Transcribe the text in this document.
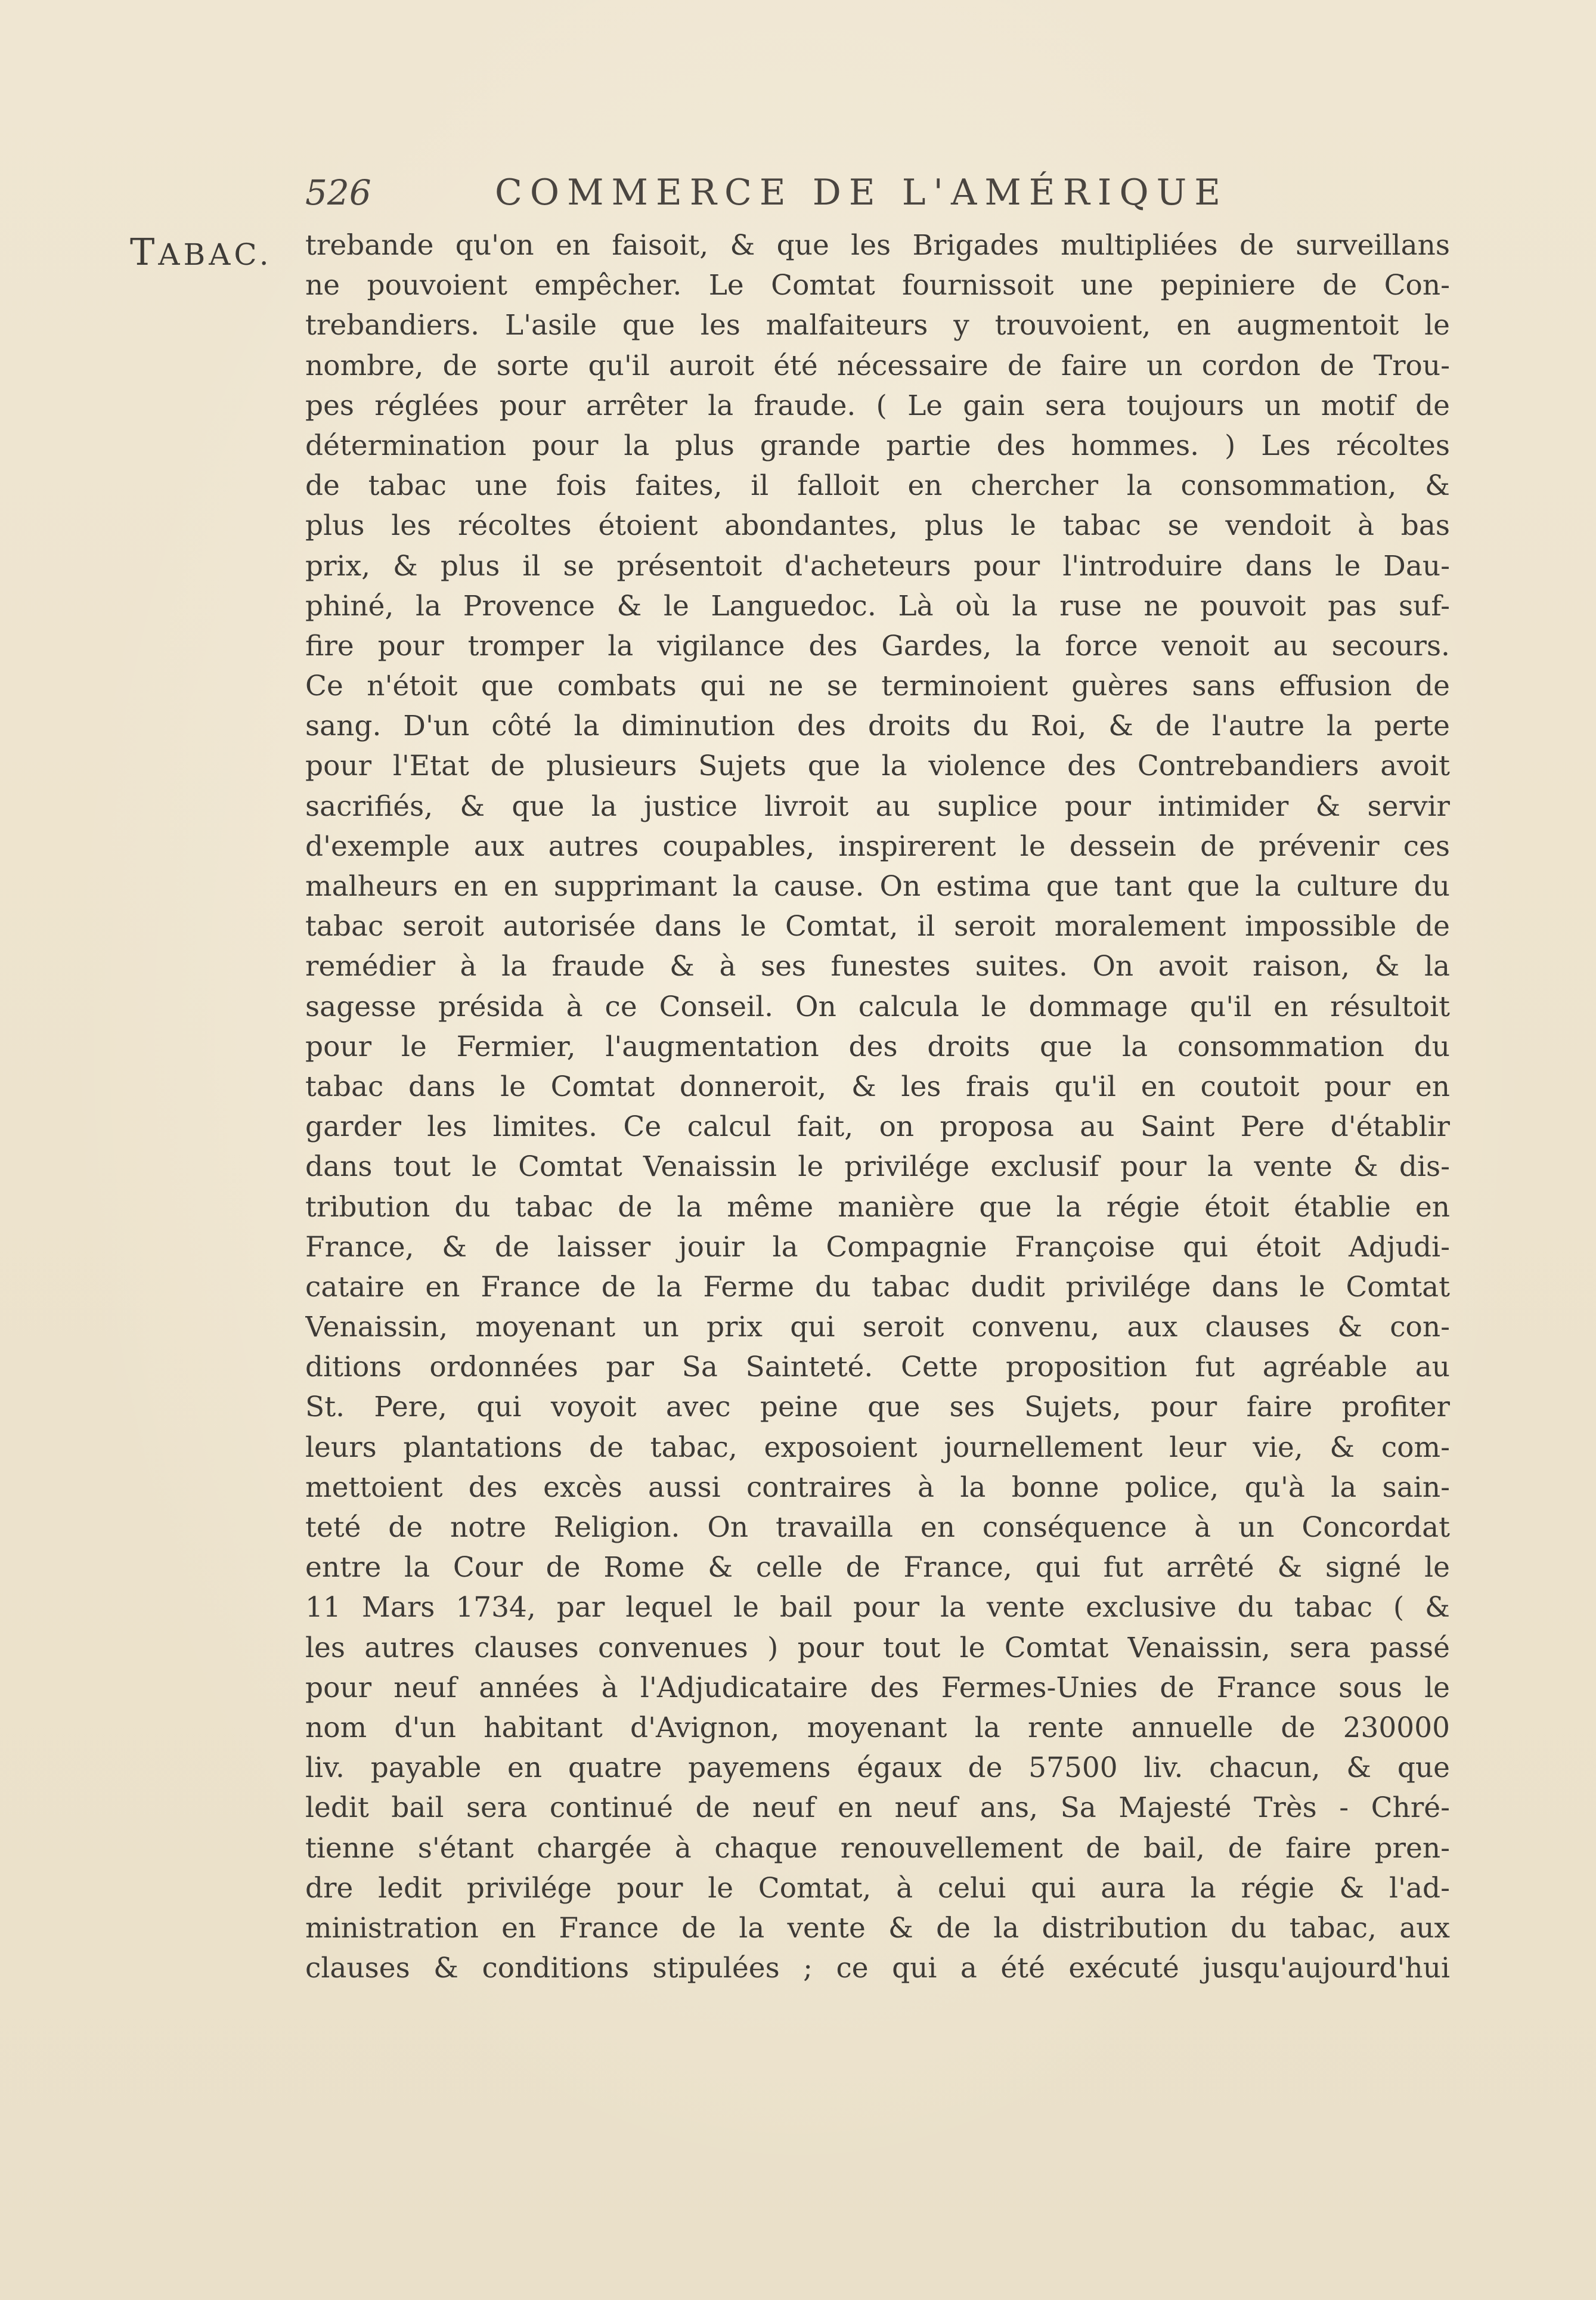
526	COMMERCE DE L'AMÉRIQUE
TABAC. trebande qu'on en faisoit, & que les Brigades multipliées de surveillans
ne pouvoient empêcher. Le Comtat fournissoit une pepiniere de Con-
trebandiers. L'asile que les malfaiteurs y trouvoient, en augmentoit le
nombre, de sorte qu'il auroit été nécessaire de faire un cordon de Trou-
pes réglées pour arrêter la fraude. ( Le gain sera toujours un motif de
détermination pour la plus grande partie des hommes. ) Les récoltes
de tabac une fois faites, il falloit en chercher la consommation, &
plus les récoltes étoient abondantes, plus le tabac se vendoit à bas
prix, & plus il se présentoit d'acheteurs pour l'introduire dans le Dau-
phiné, la Provence & le Languedoc. Là où la ruse ne pouvoit pas suf-
fire pour tromper la vigilance des Gardes, la force venoit au secours.
Ce n'étoit que combats qui ne se terminoient guères sans effusion de
sang. D'un côté la diminution des droits du Roi, & de l'autre la perte
pour l'Etat de plusieurs Sujets que la violence des Contrebandiers avoit
sacrifiés, & que la justice livroit au suplice pour intimider & servir
d'exemple aux autres coupables, inspirerent le dessein de prévenir ces
malheurs en en supprimant la cause. On estima que tant que la culture du
tabac seroit autorisée dans le Comtat, il seroit moralement impossible de
remédier à la fraude & à ses funestes suites. On avoit raison, & la
sagesse présida à ce Conseil. On calcula le dommage qu'il en résultoit
pour le Fermier, l'augmentation des droits que la consommation du
tabac dans le Comtat donneroit, & les frais qu'il en coutoit pour en
garder les limites. Ce calcul fait, on proposa au Saint Pere d'établir
dans tout le Comtat Venaissin le privilége exclusif pour la vente & dis-
tribution du tabac de la même manière que la régie étoit établie en
France, & de laisser jouir la Compagnie Françoise qui étoit Adjudi-
cataire en France de la Ferme du tabac dudit privilége dans le Comtat
Venaissin, moyenant un prix qui seroit convenu, aux clauses & con-
ditions ordonnées par Sa Sainteté. Cette proposition fut agréable au
St. Pere, qui voyoit avec peine que ses Sujets, pour faire profiter
leurs plantations de tabac, exposoient journellement leur vie, & com-
mettoient des excès aussi contraires à la bonne police, qu'à la sain-
teté de notre Religion. On travailla en conséquence à un Concordat
entre la Cour de Rome & celle de France, qui fut arrêté & signé le
11 Mars 1734, par lequel le bail pour la vente exclusive du tabac ( &
les autres clauses convenues ) pour tout le Comtat Venaissin, sera passé
pour neuf années à l'Adjudicataire des Fermes-Unies de France sous le
nom d'un habitant d'Avignon, moyenant la rente annuelle de 230000
liv. payable en quatre payemens égaux de 57500 liv. chacun, & que
ledit bail sera continué de neuf en neuf ans, Sa Majesté Très - Chré-
tienne s'étant chargée à chaque renouvellement de bail, de faire pren-
dre ledit privilége pour le Comtat, à celui qui aura la régie & l'ad-
ministration en France de la vente & de la distribution du tabac, aux
clauses & conditions stipulées ; ce qui a été exécuté jusqu'aujourd'hui
